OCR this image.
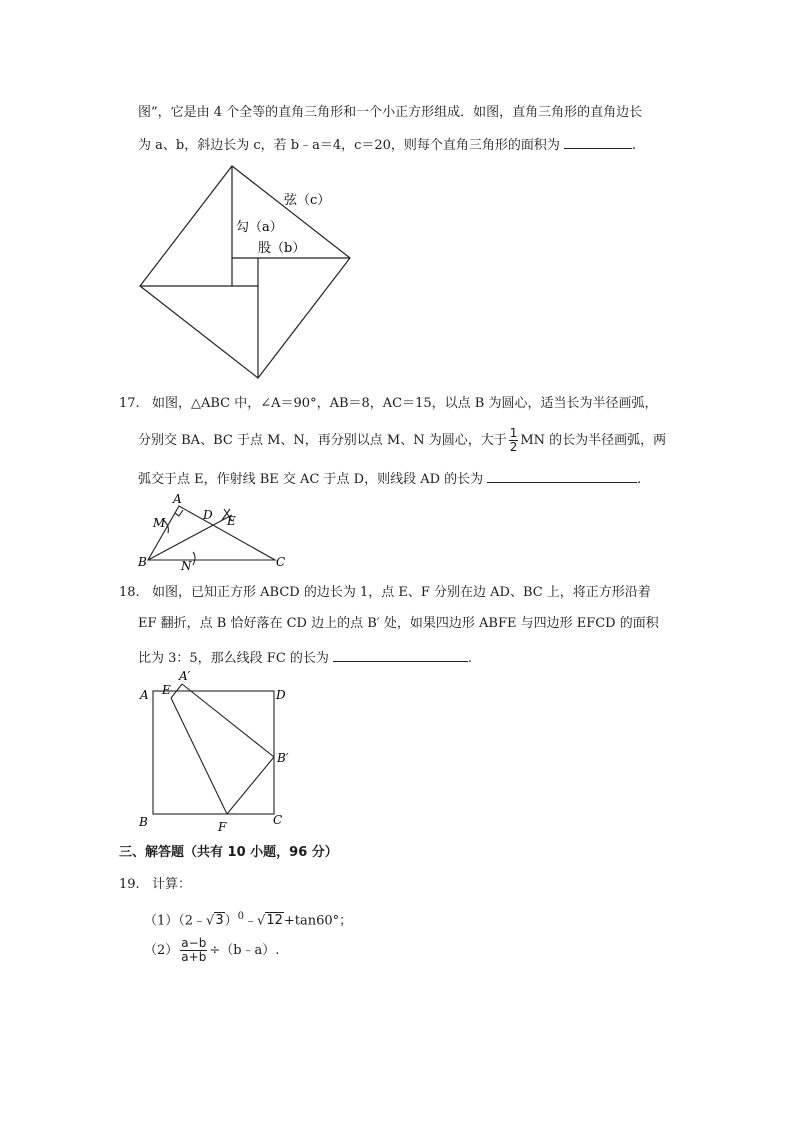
图”，它是由 4 个全等的直角三角形和一个小正方形组成．如图，直角三角形的直角边长
为 a、b，斜边长为 c，若 b﹣a＝4，c＝20，则每个直角三角形的面积为	.
弦（c）
勾（a）
股（b）
A
M
D E
B	N	C
A E
A′
D
B′
B	F	C
17. 如图，△ABC 中，∠A＝90°，AB＝8，AC＝15，以点 B 为圆心，适当长为半径画弧，
分别交 BA、BC 于点 M、N，再分别以点 M、N 为圆心，大于 $\frac{1}{2}$ MN 的长为半径画弧，两
弧交于点 E，作射线 BE 交 AC 于点 D，则线段 AD 的长为	.
18. 如图，已知正方形 ABCD 的边长为 1，点 E、F 分别在边 AD、BC 上，将正方形沿着
EF 翻折，点 B 恰好落在 CD 边上的点 B′ 处，如果四边形 ABFE 与四边形 EFCD 的面积
比为 3：5，那么线段 FC 的长为	.
三、解答题（共有 10 小题，96 分）
19. 计算：
（1）（2﹣√3）$^0$﹣√12+tan60°；
$(2) \frac{a-b}{a+b}$ ÷（b﹣a）.
